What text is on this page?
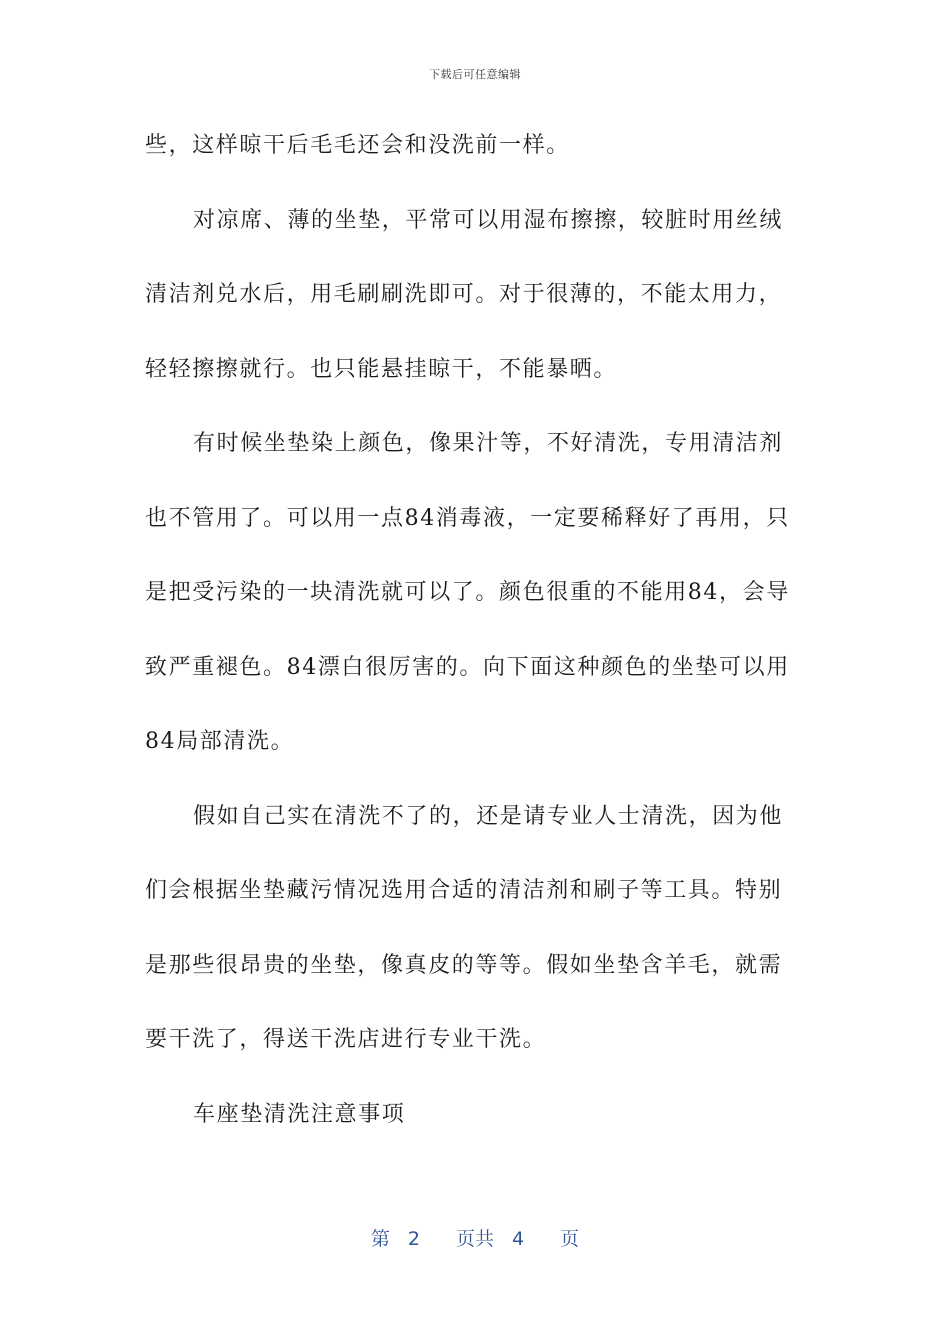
下载后可任意编辑
些，这样晾干后毛毛还会和没洗前一样。
对凉席、薄的坐垫，平常可以用湿布擦擦，较脏时用丝绒
清洁剂兑水后，用毛刷刷洗即可。对于很薄的，不能太用力，
轻轻擦擦就行。也只能悬挂晾干，不能暴晒。
有时候坐垫染上颜色，像果汁等，不好清洗，专用清洁剂
也不管用了。可以用一点84消毒液，一定要稀释好了再用，只
是把受污染的一块清洗就可以了。颜色很重的不能用84，会导
致严重褪色。84漂白很厉害的。向下面这种颜色的坐垫可以用
84局部清洗。
假如自己实在清洗不了的，还是请专业人士清洗，因为他
们会根据坐垫藏污情况选用合适的清洁剂和刷子等工具。特别
是那些很昂贵的坐垫，像真皮的等等。假如坐垫含羊毛，就需
要干洗了，得送干洗店进行专业干洗。
车座垫清洗注意事项
第 2 页共 4 页
